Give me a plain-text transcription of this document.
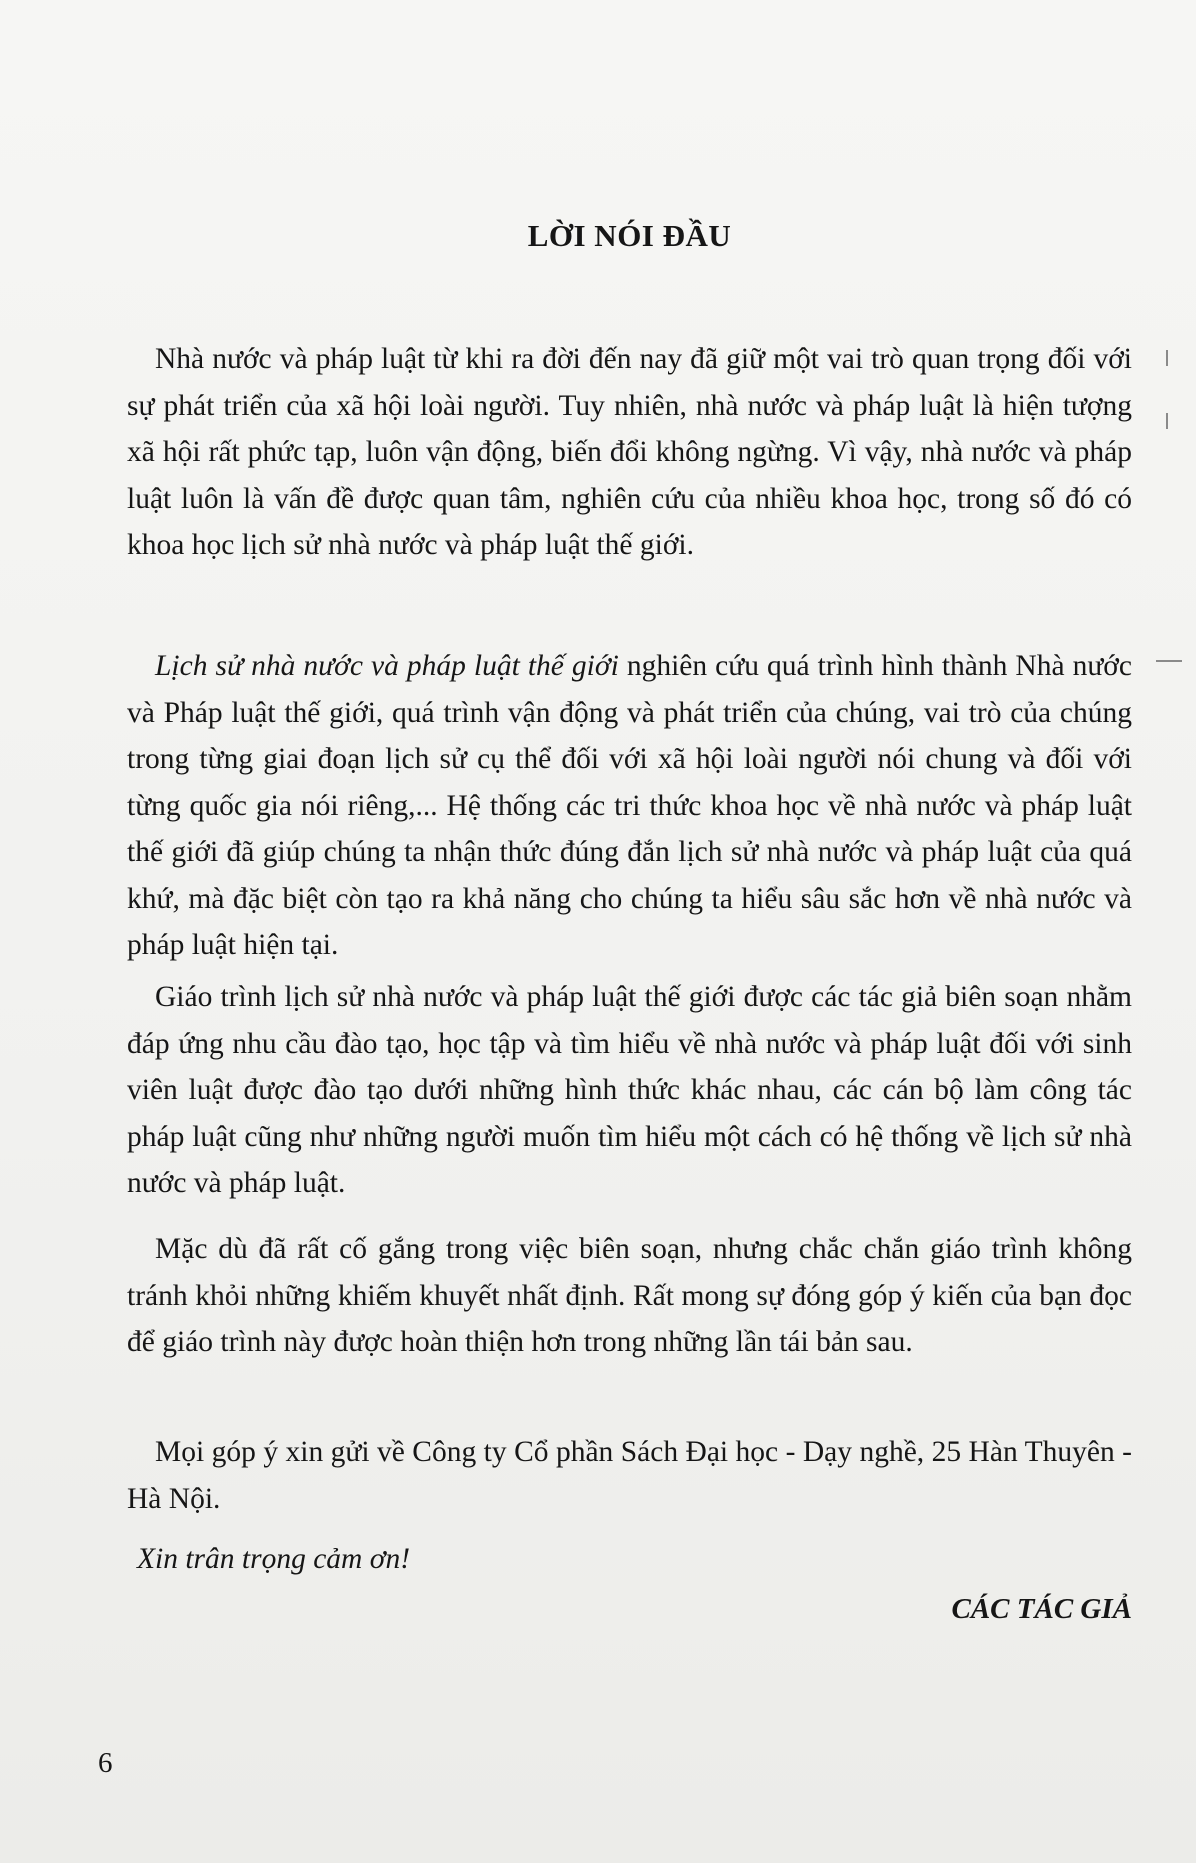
LỜI NÓI ĐẦU

Nhà nước và pháp luật từ khi ra đời đến nay đã giữ một vai trò quan trọng đối với sự phát triển của xã hội loài người. Tuy nhiên, nhà nước và pháp luật là hiện tượng xã hội rất phức tạp, luôn vận động, biến đổi không ngừng. Vì vậy, nhà nước và pháp luật luôn là vấn đề được quan tâm, nghiên cứu của nhiều khoa học, trong số đó có khoa học lịch sử nhà nước và pháp luật thế giới.

Lịch sử nhà nước và pháp luật thế giới nghiên cứu quá trình hình thành Nhà nước và Pháp luật thế giới, quá trình vận động và phát triển của chúng, vai trò của chúng trong từng giai đoạn lịch sử cụ thể đối với xã hội loài người nói chung và đối với từng quốc gia nói riêng,... Hệ thống các tri thức khoa học về nhà nước và pháp luật thế giới đã giúp chúng ta nhận thức đúng đắn lịch sử nhà nước và pháp luật của quá khứ, mà đặc biệt còn tạo ra khả năng cho chúng ta hiểu sâu sắc hơn về nhà nước và pháp luật hiện tại.

Giáo trình lịch sử nhà nước và pháp luật thế giới được các tác giả biên soạn nhằm đáp ứng nhu cầu đào tạo, học tập và tìm hiểu về nhà nước và pháp luật đối với sinh viên luật được đào tạo dưới những hình thức khác nhau, các cán bộ làm công tác pháp luật cũng như những người muốn tìm hiểu một cách có hệ thống về lịch sử nhà nước và pháp luật.

Mặc dù đã rất cố gắng trong việc biên soạn, nhưng chắc chắn giáo trình không tránh khỏi những khiếm khuyết nhất định. Rất mong sự đóng góp ý kiến của bạn đọc để giáo trình này được hoàn thiện hơn trong những lần tái bản sau.

Mọi góp ý xin gửi về Công ty Cổ phần Sách Đại học - Dạy nghề, 25 Hàn Thuyên - Hà Nội.

Xin trân trọng cảm ơn!
CÁC TÁC GIẢ
6
